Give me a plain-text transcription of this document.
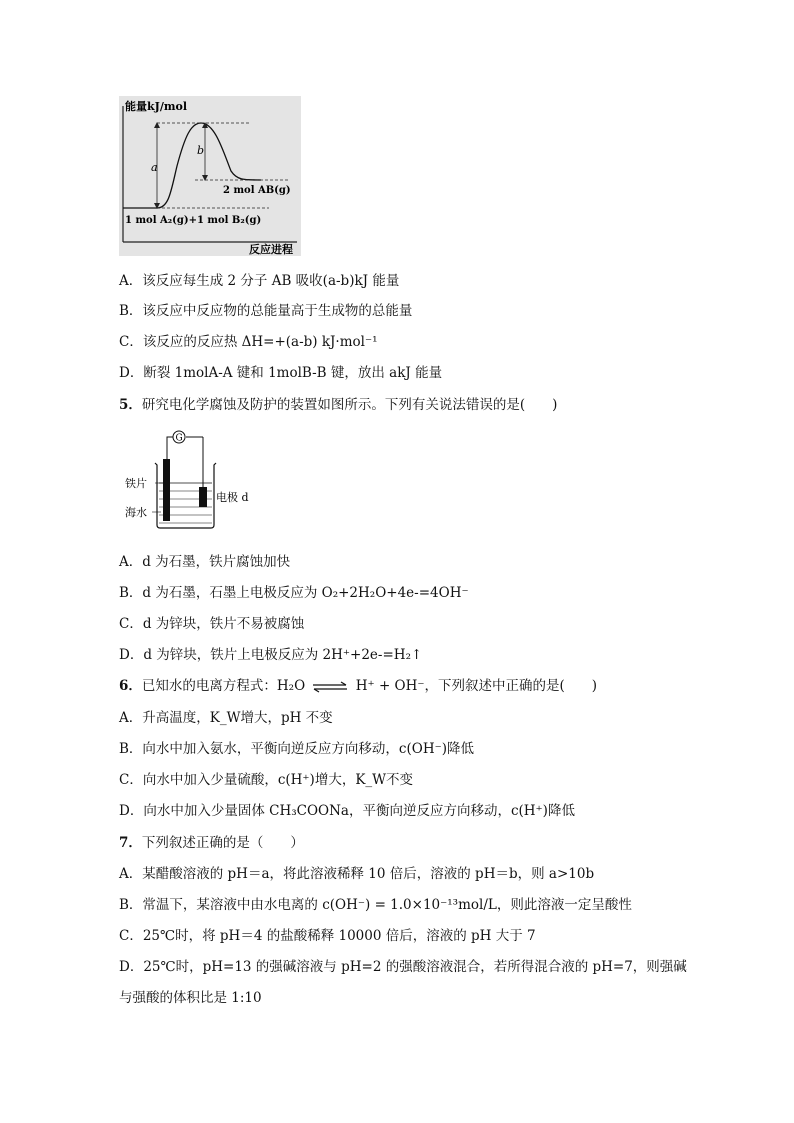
能量kJ/mol
反应进程
a
b
2 mol AB(g)
1 mol A₂(g)+1 mol B₂(g)
A．该反应每生成 2 分子 AB 吸收(a-b)kJ 能量
B．该反应中反应物的总能量高于生成物的总能量
C．该反应的反应热 ΔH=+(a-b) kJ·mol⁻¹
D．断裂 1molA-A 键和 1molB-B 键，放出 akJ 能量
5．研究电化学腐蚀及防护的装置如图所示。下列有关说法错误的是(　　)
G
铁片
海水
电极 d
A．d 为石墨，铁片腐蚀加快
B．d 为石墨，石墨上电极反应为 O₂+2H₂O+4e-=4OH⁻
C．d 为锌块，铁片不易被腐蚀
D．d 为锌块，铁片上电极反应为 2H⁺+2e-=H₂↑
6．已知水的电离方程式：H₂O ⇌ H⁺ + OH⁻，下列叙述中正确的是(　　)
A．升高温度，K_W增大，pH 不变
B．向水中加入氨水，平衡向逆反应方向移动，c(OH⁻)降低
C．向水中加入少量硫酸，c(H⁺)增大，K_W不变
D．向水中加入少量固体 CH₃COONa，平衡向逆反应方向移动，c(H⁺)降低
7．下列叙述正确的是（　　）
A．某醋酸溶液的 pH＝a，将此溶液稀释 10 倍后，溶液的 pH＝b，则 a>10b
B．常温下，某溶液中由水电离的 c(OH⁻) = 1.0×10⁻¹³mol/L，则此溶液一定呈酸性
C．25℃时，将 pH＝4 的盐酸稀释 10000 倍后，溶液的 pH 大于 7
D．25℃时，pH=13 的强碱溶液与 pH=2 的强酸溶液混合，若所得混合液的 pH=7，则强碱
与强酸的体积比是 1:10
